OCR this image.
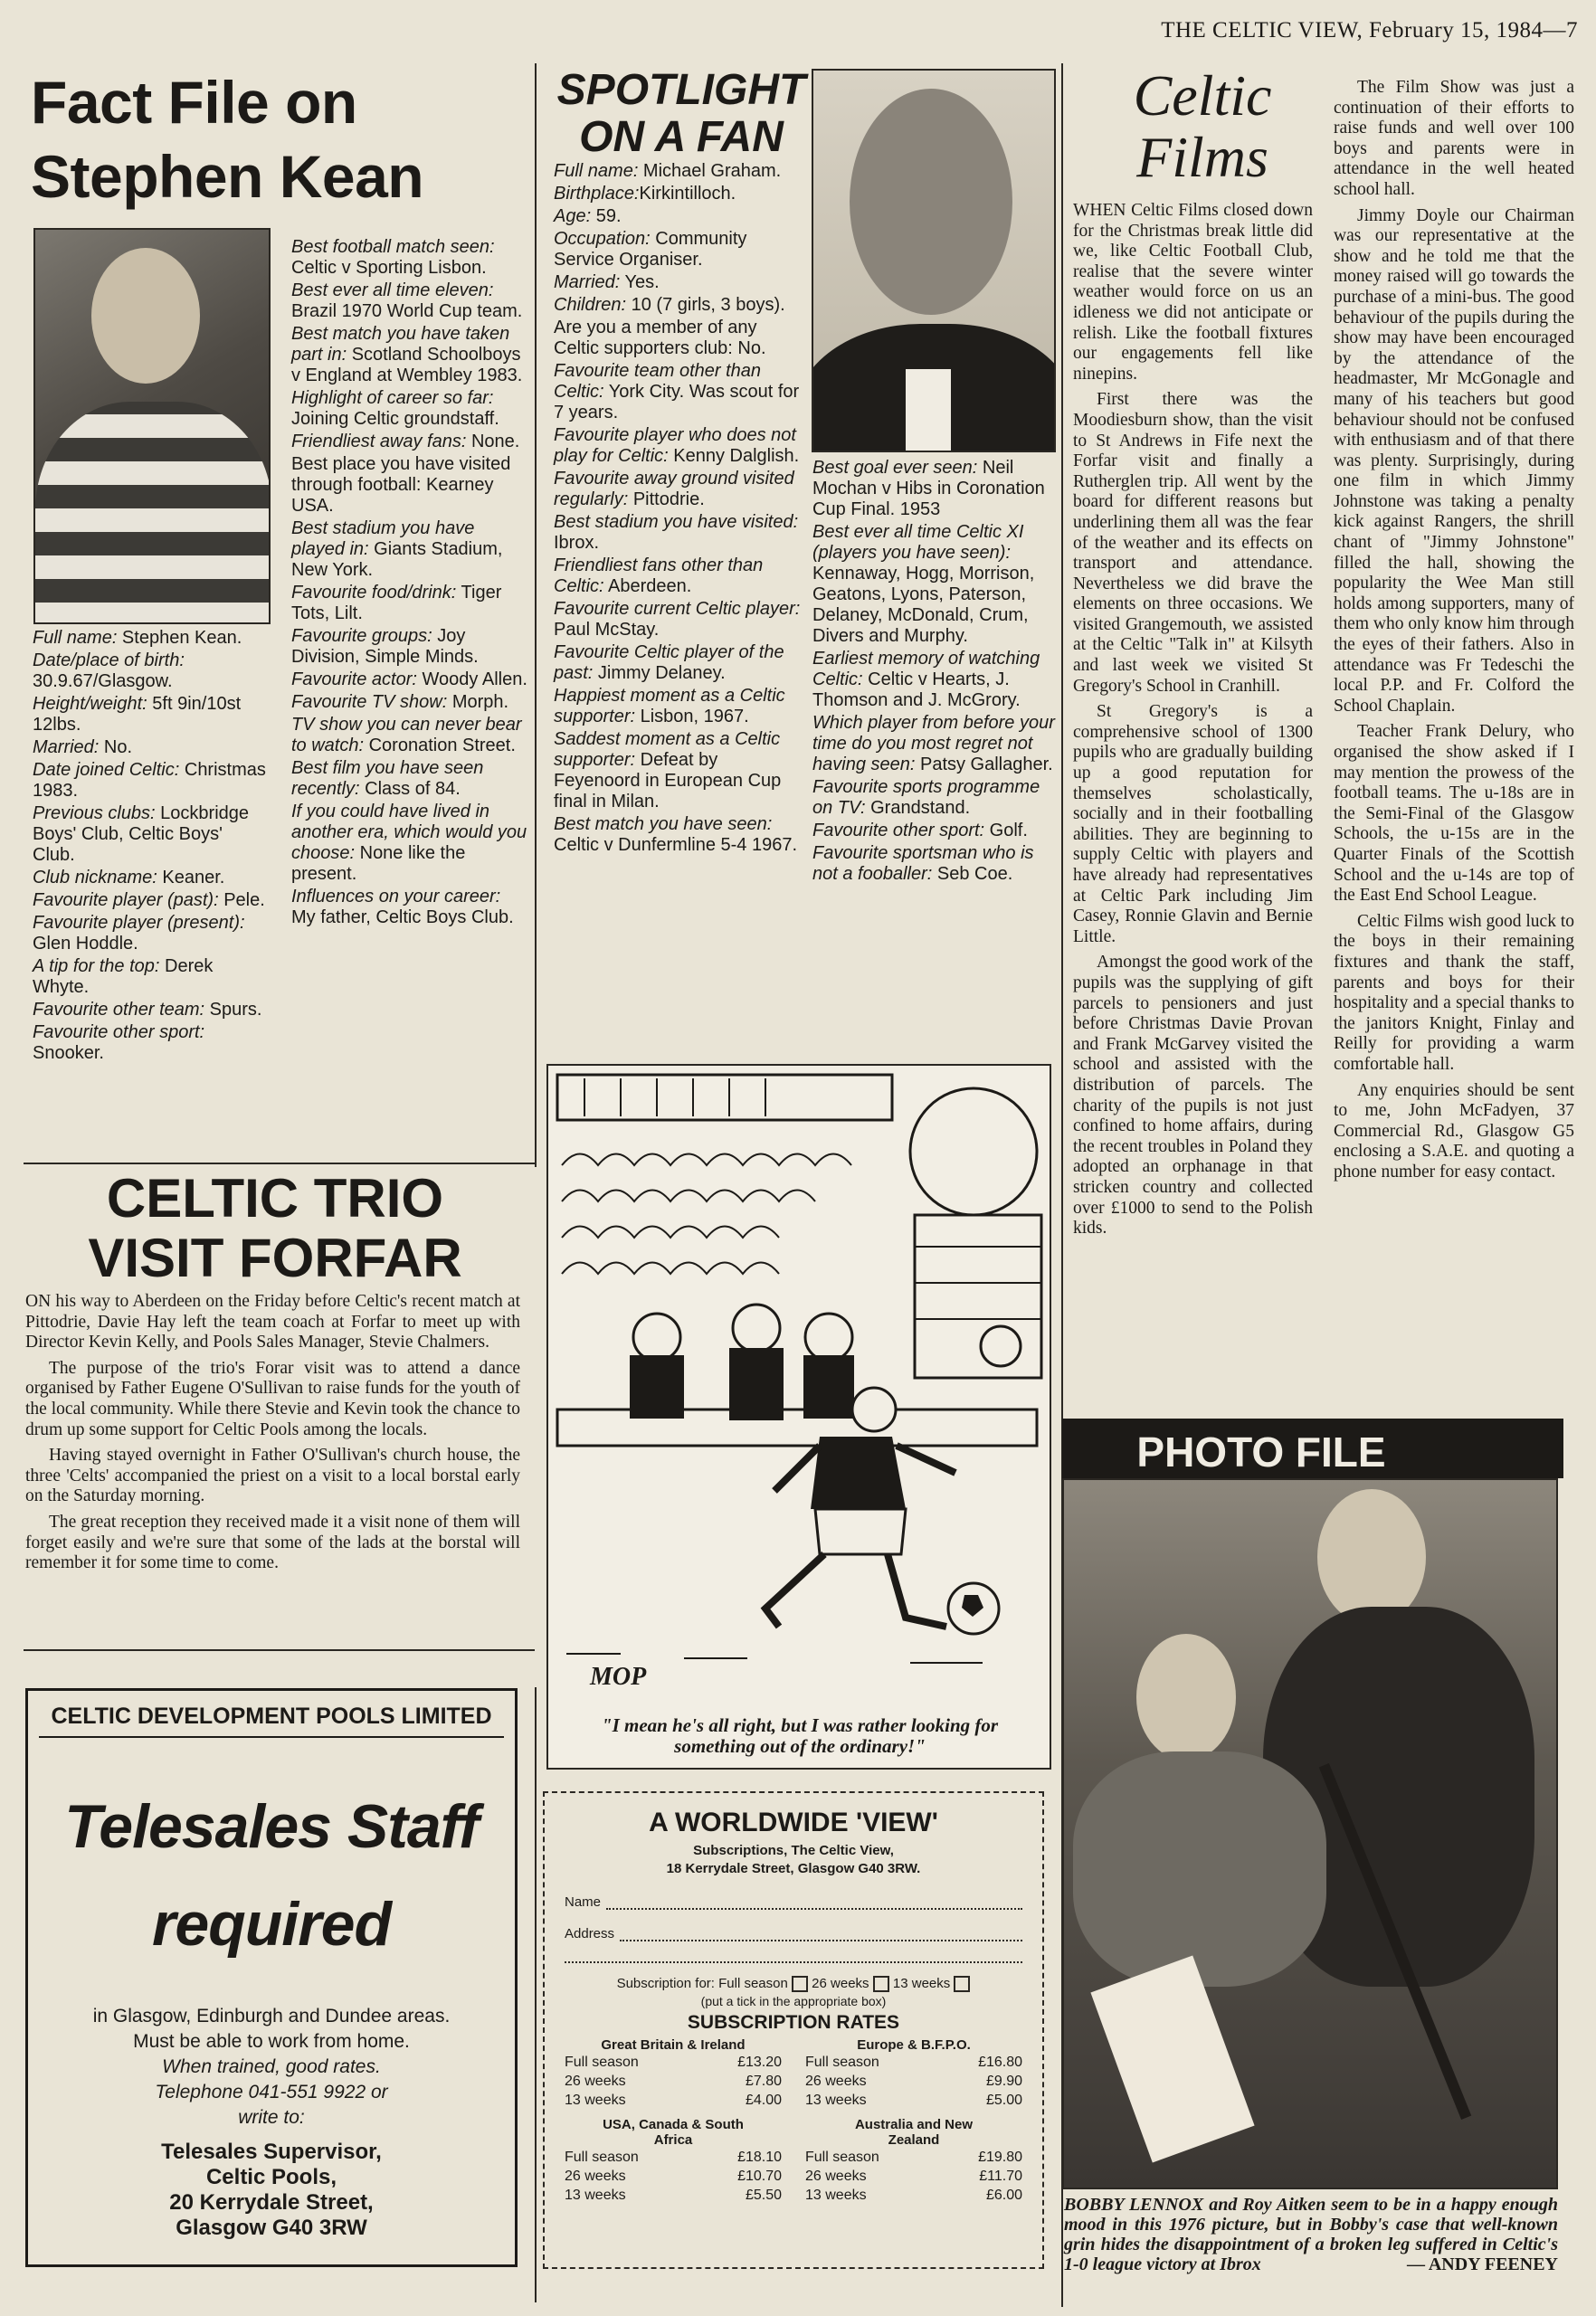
THE CELTIC VIEW, February 15, 1984—7
Fact File on
Stephen Kean
Full name: Stephen Kean.
Date/place of birth: 30.9.67/Glasgow.
Height/weight: 5ft 9in/10st 12lbs.
Married: No.
Date joined Celtic: Christmas 1983.
Previous clubs: Lockbridge Boys' Club, Celtic Boys' Club.
Club nickname: Keaner.
Favourite player (past): Pele.
Favourite player (present): Glen Hoddle.
A tip for the top: Derek Whyte.
Favourite other team: Spurs.
Favourite other sport: Snooker.
Best football match seen: Celtic v Sporting Lisbon.
Best ever all time eleven: Brazil 1970 World Cup team.
Best match you have taken part in: Scotland Schoolboys v England at Wembley 1983.
Highlight of career so far: Joining Celtic groundstaff.
Friendliest away fans: None.
Best place you have visited through football: Kearney USA.
Best stadium you have played in: Giants Stadium, New York.
Favourite food/drink: Tiger Tots, Lilt.
Favourite groups: Joy Division, Simple Minds.
Favourite actor: Woody Allen.
Favourite TV show: Morph.
TV show you can never bear to watch: Coronation Street.
Best film you have seen recently: Class of 84.
If you could have lived in another era, which would you choose: None like the present.
Influences on your career: My father, Celtic Boys Club.
SPOTLIGHT
ON A FAN
Full name: Michael Graham.
Birthplace:Kirkintilloch.
Age: 59.
Occupation: Community Service Organiser.
Married: Yes.
Children: 10 (7 girls, 3 boys).
Are you a member of any Celtic supporters club: No.
Favourite team other than Celtic: York City. Was scout for 7 years.
Favourite player who does not play for Celtic: Kenny Dalglish.
Favourite away ground visited regularly: Pittodrie.
Best stadium you have visited: Ibrox.
Friendliest fans other than Celtic: Aberdeen.
Favourite current Celtic player: Paul McStay.
Favourite Celtic player of the past: Jimmy Delaney.
Happiest moment as a Celtic supporter: Lisbon, 1967.
Saddest moment as a Celtic supporter: Defeat by Feyenoord in European Cup final in Milan.
Best match you have seen: Celtic v Dunfermline 5-4 1967.
Best goal ever seen: Neil Mochan v Hibs in Coronation Cup Final. 1953
Best ever all time Celtic XI (players you have seen): Kennaway, Hogg, Morrison, Geatons, Lyons, Paterson, Delaney, McDonald, Crum, Divers and Murphy.
Earliest memory of watching Celtic: Celtic v Hearts, J. Thomson and J. McGrory.
Which player from before your time do you most regret not having seen: Patsy Gallagher.
Favourite sports programme on TV: Grandstand.
Favourite other sport: Golf.
Favourite sportsman who is not a fooballer: Seb Coe.
MOP
"I mean he's all right, but I was rather looking for something out of the ordinary!"
CELTIC TRIO
VISIT FORFAR

ON his way to Aberdeen on the Friday before Celtic's recent match at Pittodrie, Davie Hay left the team coach at Forfar to meet up with Director Kevin Kelly, and Pools Sales Manager, Stevie Chalmers.

The purpose of the trio's Forar visit was to attend a dance organised by Father Eugene O'Sullivan to raise funds for the youth of the local community. While there Stevie and Kevin took the chance to drum up some support for Celtic Pools among the locals.

Having stayed overnight in Father O'Sullivan's church house, the three 'Celts' accompanied the priest on a visit to a local borstal early on the Saturday morning.

The great reception they received made it a visit none of them will forget easily and we're sure that some of the lads at the borstal will remember it for some time to come.

CELTIC DEVELOPMENT POOLS LIMITED
Telesales Staff
required
in Glasgow, Edinburgh and Dundee areas.
Must be able to work from home.
When trained, good rates.
Telephone 041-551 9922 or
write to:
Telesales Supervisor,
Celtic Pools,
20 Kerrydale Street,
Glasgow G40 3RW
A WORLDWIDE 'VIEW'
Subscriptions, The Celtic View,
18 Kerrydale Street, Glasgow G40 3RW.
Name
Address
Subscription for: Full season 26 weeks 13 weeks
(put a tick in the appropriate box)
SUBSCRIPTION RATES
Great Britain & Ireland
Full season	£13.20
26 weeks	£7.80
13 weeks	£4.00
Europe & B.F.P.O.
Full season	£16.80
26 weeks	£9.90
13 weeks	£5.00
USA, Canada & South Africa
Full season	£18.10
26 weeks	£10.70
13 weeks	£5.50
Australia and New Zealand
Full season	£19.80
26 weeks	£11.70
13 weeks	£6.00
Celtic
Films

WHEN Celtic Films closed down for the Christmas break little did we, like Celtic Football Club, realise that the severe winter weather would force on us an idleness we did not anticipate or relish. Like the football fixtures our engagements fell like ninepins.

First there was the Moodiesburn show, than the visit to St Andrews in Fife next the Forfar visit and finally a Rutherglen trip. All went by the board for different reasons but underlining them all was the fear of the weather and its effects on transport and attendance. Nevertheless we did brave the elements on three occasions. We visited Grangemouth, we assisted at the Celtic "Talk in" at Kilsyth and last week we visited St Gregory's School in Cranhill.

St Gregory's is a comprehensive school of 1300 pupils who are gradually building up a good reputation for themselves scholastically, socially and in their footballing abilities. They are beginning to supply Celtic with players and have already had representatives at Celtic Park including Jim Casey, Ronnie Glavin and Bernie Little.

Amongst the good work of the pupils was the supplying of gift parcels to pensioners and just before Christmas Davie Provan and Frank McGarvey visited the school and assisted with the distribution of parcels. The charity of the pupils is not just confined to home affairs, during the recent troubles in Poland they adopted an orphanage in that stricken country and collected over £1000 to send to the Polish kids.

The Film Show was just a continuation of their efforts to raise funds and well over 100 boys and parents were in attendance in the well heated school hall.

Jimmy Doyle our Chairman was our representative at the show and he told me that the money raised will go towards the purchase of a mini-bus. The good behaviour of the pupils during the show may have been encouraged by the attendance of the headmaster, Mr McGonagle and many of his teachers but good behaviour should not be confused with enthusiasm and of that there was plenty. Surprisingly, during one film in which Jimmy Johnstone was taking a penalty kick against Rangers, the shrill chant of "Jimmy Johnstone" filled the hall, showing the popularity the Wee Man still holds among supporters, many of them who only know him through the eyes of their fathers. Also in attendance was Fr Tedeschi the local P.P. and Fr. Colford the School Chaplain.

Teacher Frank Delury, who organised the show asked if I may mention the prowess of the football teams. The u-18s are in the Semi-Final of the Glasgow Schools, the u-15s are in the Quarter Finals of the Scottish School and the u-14s are top of the East End School League.

Celtic Films wish good luck to the boys in their remaining fixtures and thank the staff, parents and boys for their hospitality and a special thanks to the janitors Knight, Finlay and Reilly for providing a warm comfortable hall.

Any enquiries should be sent to me, John McFadyen, 37 Commercial Rd., Glasgow G5 enclosing a S.A.E. and quoting a phone number for easy contact.

PHOTO FILE
BOBBY LENNOX and Roy Aitken seem to be in a happy enough mood in this 1976 picture, but in Bobby's case that well-known grin hides the disappointment of a broken leg suffered in Celtic's 1-0 league victory at Ibrox	— ANDY FEENEY
